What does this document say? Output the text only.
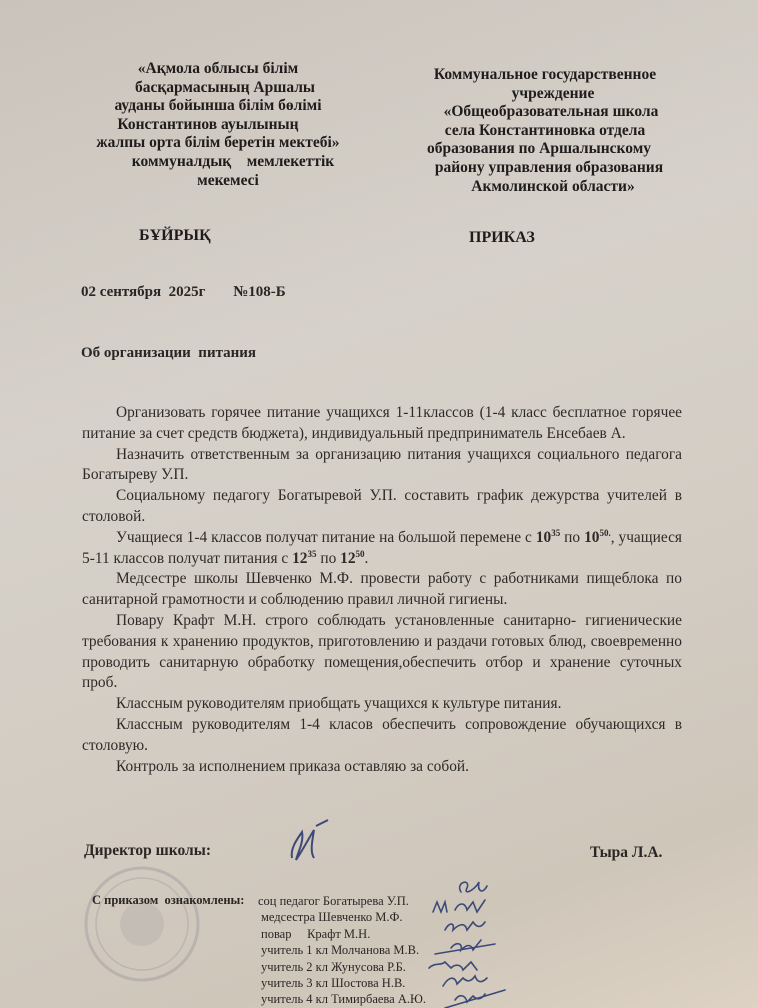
«Ақмола облысы білім
басқармасының Аршалы
ауданы бойынша білім бөлімі
Константинов ауылының
жалпы орта білім беретін мектебі»
коммуналдық    мемлекеттік
мекемесі
Коммунальное государственное
учреждение
«Общеобразовательная школа
села Константиновка отдела
образования по Аршалынскому
району управления образования
Акмолинской области»
БҰЙРЫҚ	ПРИКАЗ
02 сентября  2025г №108-Б
Об организации  питания

Организовать горячее питание учащихся 1-11классов (1-4 класс бесплатное горячее питание за счет средств бюджета), индивидуальный предприниматель Енсебаев А.

Назначить ответственным за организацию питания учащихся социального педагога Богатыреву У.П.

Социальному педагогу Богатыревой У.П. составить график дежурства учителей в столовой.

Учащиеся 1-4 классов получат питание на большой перемене с $10^{35}$ по $10^{50.}$, учащиеся 5-11 классов получат питания с $12^{35}$ по $12^{50}$.

Медсестре школы Шевченко М.Ф. провести работу с работниками пищеблока по санитарной грамотности и соблюдению правил личной гигиены.

Повару Крафт М.Н. строго соблюдать установленные санитарно- гигиенические требования к хранению продуктов, приготовлению и раздачи готовых блюд, своевременно проводить санитарную обработку помещения,обеспечить отбор и хранение суточных проб.

Классным руководителям приобщать учащихся к культуре питания.

Классным руководителям 1-4 класов обеспечить сопровождение обучающихся в столовую.

Контроль за исполнением приказа оставляю за собой.

Директор школы:	Тыра Л.А.
С приказом  ознакомлены: соц педагог Богатырева У.П.
медсестра Шевченко М.Ф.
повар     Крафт М.Н.
учитель 1 кл Молчанова М.В.
учитель 2 кл Жунусова Р.Б.
учитель 3 кл Шостова Н.В.
учитель 4 кл Тимирбаева А.Ю.
